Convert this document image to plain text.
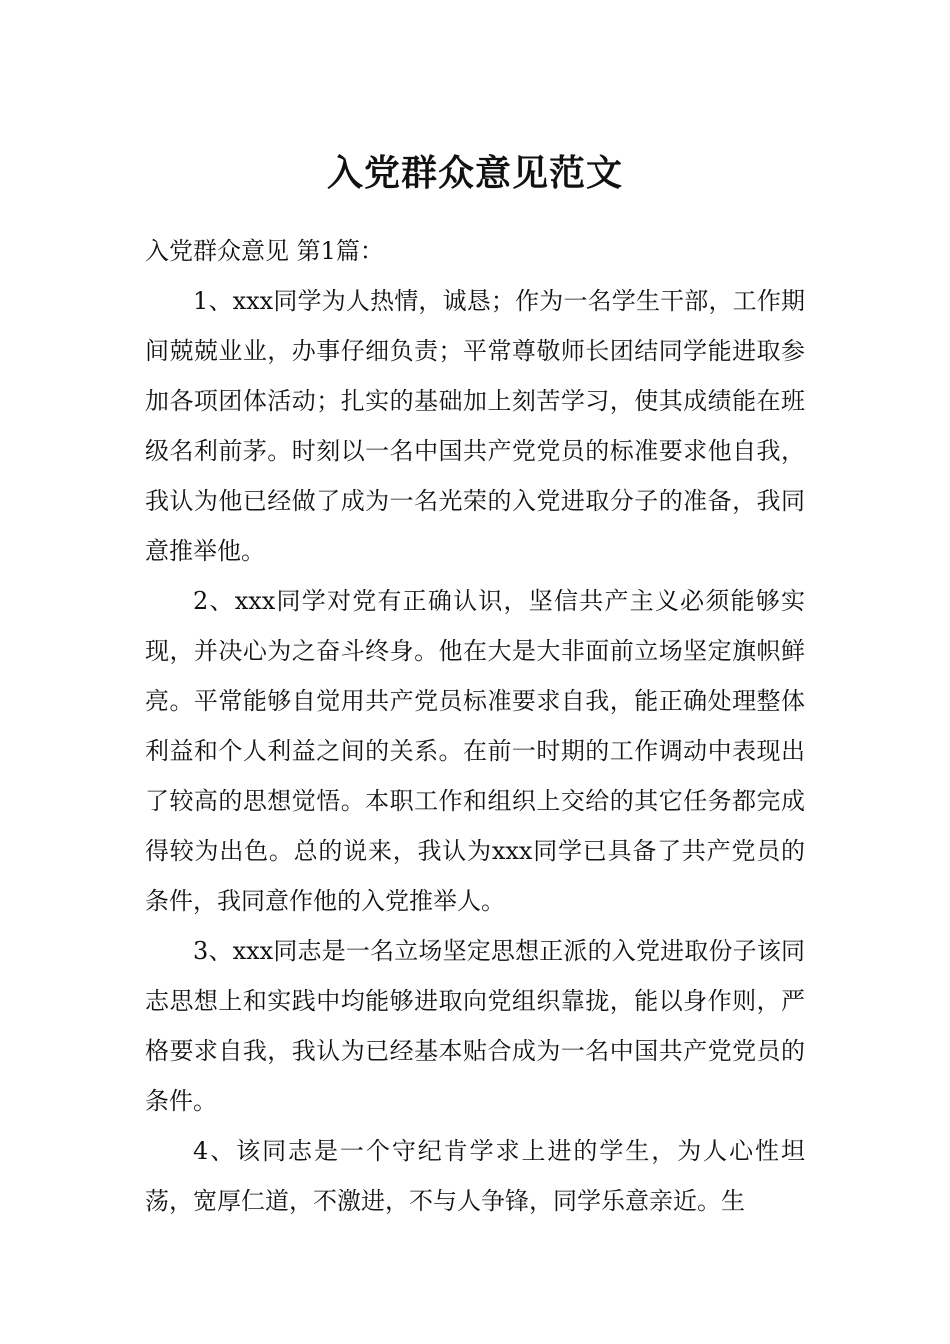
入党群众意见范文

入党群众意见 第1篇：

1、xxx同学为人热情，诚恳；作为一名学生干部，工作期间兢兢业业，办事仔细负责；平常尊敬师长团结同学能进取参加各项团体活动；扎实的基础加上刻苦学习，使其成绩能在班级名利前茅。时刻以一名中国共产党党员的标准要求他自我，我认为他已经做了成为一名光荣的入党进取分子的准备，我同意推举他。

2、xxx同学对党有正确认识，坚信共产主义必须能够实现，并决心为之奋斗终身。他在大是大非面前立场坚定旗帜鲜亮。平常能够自觉用共产党员标准要求自我，能正确处理整体利益和个人利益之间的关系。在前一时期的工作调动中表现出了较高的思想觉悟。本职工作和组织上交给的其它任务都完成得较为出色。总的说来，我认为xxx同学已具备了共产党员的条件，我同意作他的入党推举人。

3、xxx同志是一名立场坚定思想正派的入党进取份子该同志思想上和实践中均能够进取向党组织靠拢，能以身作则，严格要求自我，我认为已经基本贴合成为一名中国共产党党员的条件。

4、该同志是一个守纪肯学求上进的学生，为人心性坦荡，宽厚仁道，不激进，不与人争锋，同学乐意亲近。生
